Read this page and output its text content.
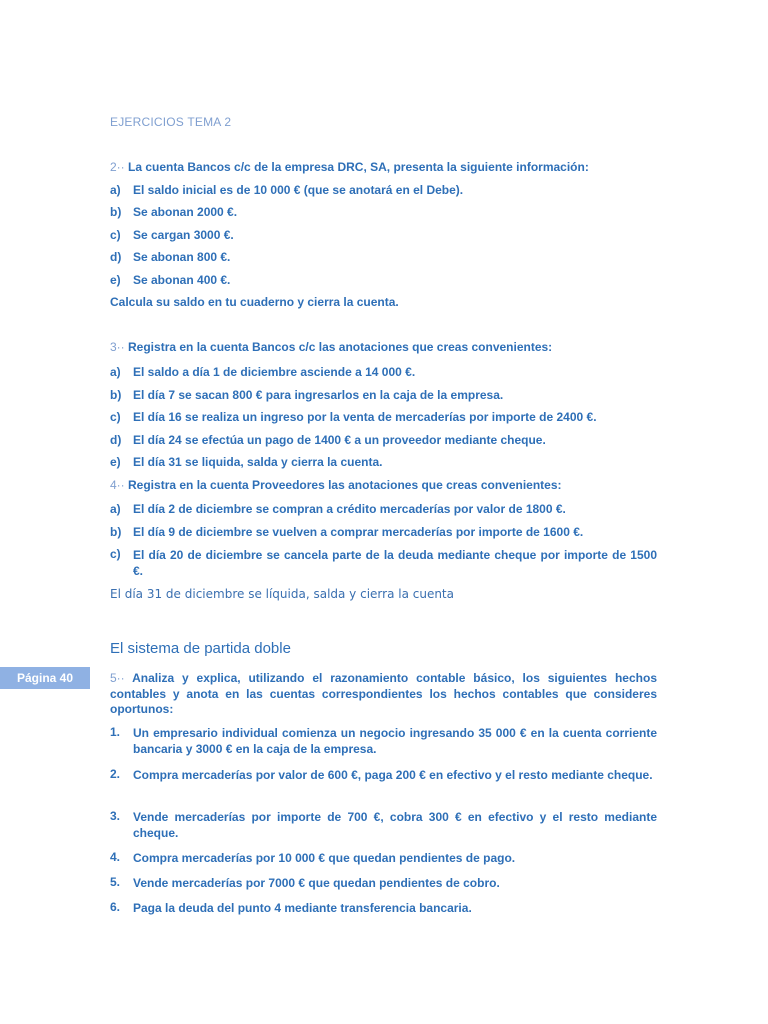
EJERCICIOS TEMA 2
2·· La cuenta Bancos c/c de la empresa DRC, SA, presenta la siguiente información:
a) El saldo inicial es de 10 000 € (que se anotará en el Debe).
b) Se abonan 2000 €.
c) Se cargan 3000 €.
d) Se abonan 800 €.
e) Se abonan 400 €.
Calcula su saldo en tu cuaderno y cierra la cuenta.
3·· Registra en la cuenta Bancos c/c las anotaciones que creas convenientes:
a) El saldo a día 1 de diciembre asciende a 14 000 €.
b) El día 7 se sacan 800 € para ingresarlos en la caja de la empresa.
c) El día 16 se realiza un ingreso por la venta de mercaderías por importe de 2400 €.
d) El día 24 se efectúa un pago de 1400 € a un proveedor mediante cheque.
e) El día 31 se liquida, salda y cierra la cuenta.
4·· Registra en la cuenta Proveedores las anotaciones que creas convenientes:
a) El día 2 de diciembre se compran a crédito mercaderías por valor de 1800 €.
b) El día 9 de diciembre se vuelven a comprar mercaderías por importe de 1600 €.
c) El día 20 de diciembre se cancela parte de la deuda mediante cheque por importe de 1500 €.
El día 31 de diciembre se líquida, salda y cierra la cuenta
El sistema de partida doble
Página 40	5·· Analiza y explica, utilizando el razonamiento contable básico, los siguientes hechos contables y anota en las cuentas correspondientes los hechos contables que consideres oportunos:
1. Un empresario individual comienza un negocio ingresando 35 000 € en la cuenta corriente bancaria y 3000 € en la caja de la empresa.
2. Compra mercaderías por valor de 600 €, paga 200 € en efectivo y el resto mediante cheque.
3. Vende mercaderías por importe de 700 €, cobra 300 € en efectivo y el resto mediante cheque.
4. Compra mercaderías por 10 000 € que quedan pendientes de pago.
5. Vende mercaderías por 7000 € que quedan pendientes de cobro.
6. Paga la deuda del punto 4 mediante transferencia bancaria.
